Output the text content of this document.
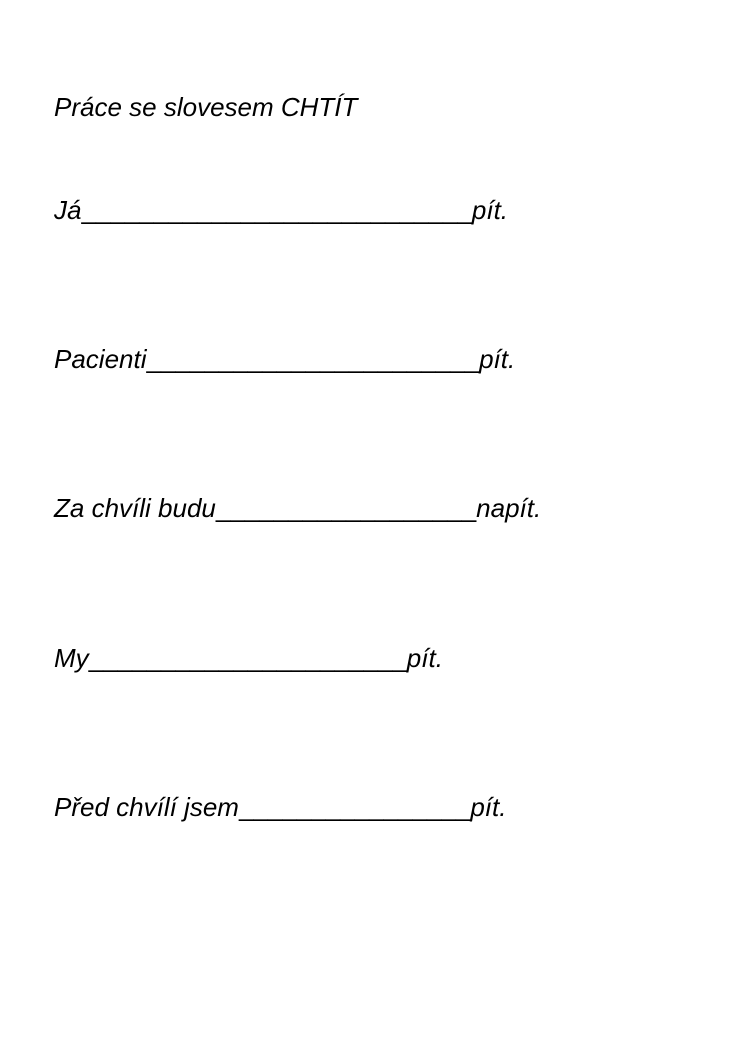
Práce se slovesem CHTÍT
Já___________________________pít.
Pacienti_______________________pít.
Za chvíli budu__________________napít.
My______________________pít.
Před chvílí jsem________________pít.
